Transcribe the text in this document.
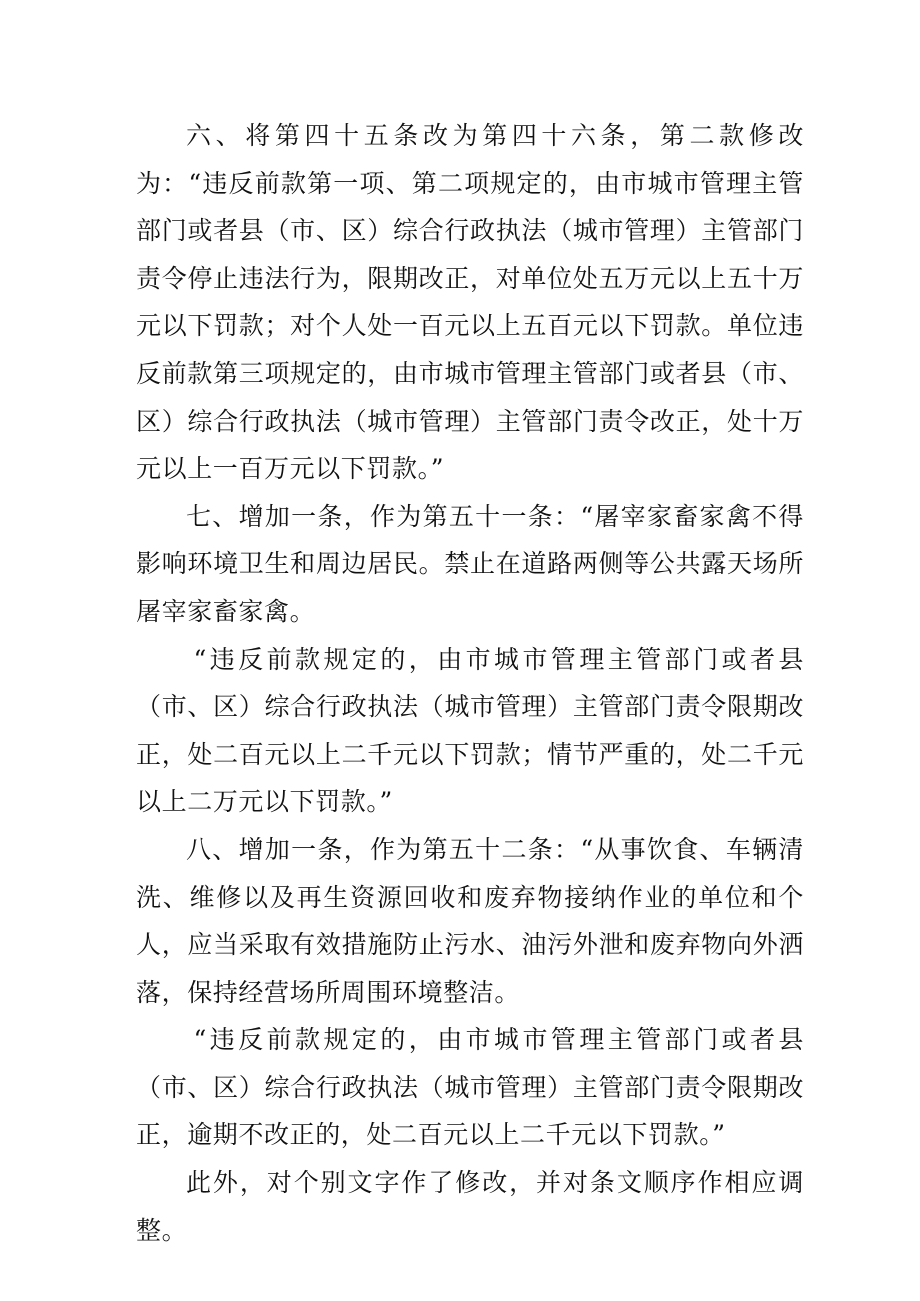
六、将第四十五条改为第四十六条，第二款修改为：“违反前款第一项、第二项规定的，由市城市管理主管部门或者县（市、区）综合行政执法（城市管理）主管部门责令停止违法行为，限期改正，对单位处五万元以上五十万元以下罚款；对个人处一百元以上五百元以下罚款。单位违反前款第三项规定的，由市城市管理主管部门或者县（市、区）综合行政执法（城市管理）主管部门责令改正，处十万元以上一百万元以下罚款。”

七、增加一条，作为第五十一条：“屠宰家畜家禽不得影响环境卫生和周边居民。禁止在道路两侧等公共露天场所屠宰家畜家禽。

“违反前款规定的，由市城市管理主管部门或者县（市、区）综合行政执法（城市管理）主管部门责令限期改正，处二百元以上二千元以下罚款；情节严重的，处二千元以上二万元以下罚款。”

八、增加一条，作为第五十二条：“从事饮食、车辆清洗、维修以及再生资源回收和废弃物接纳作业的单位和个人，应当采取有效措施防止污水、油污外泄和废弃物向外洒落，保持经营场所周围环境整洁。

“违反前款规定的，由市城市管理主管部门或者县（市、区）综合行政执法（城市管理）主管部门责令限期改正，逾期不改正的，处二百元以上二千元以下罚款。”

此外，对个别文字作了修改，并对条文顺序作相应调整。
